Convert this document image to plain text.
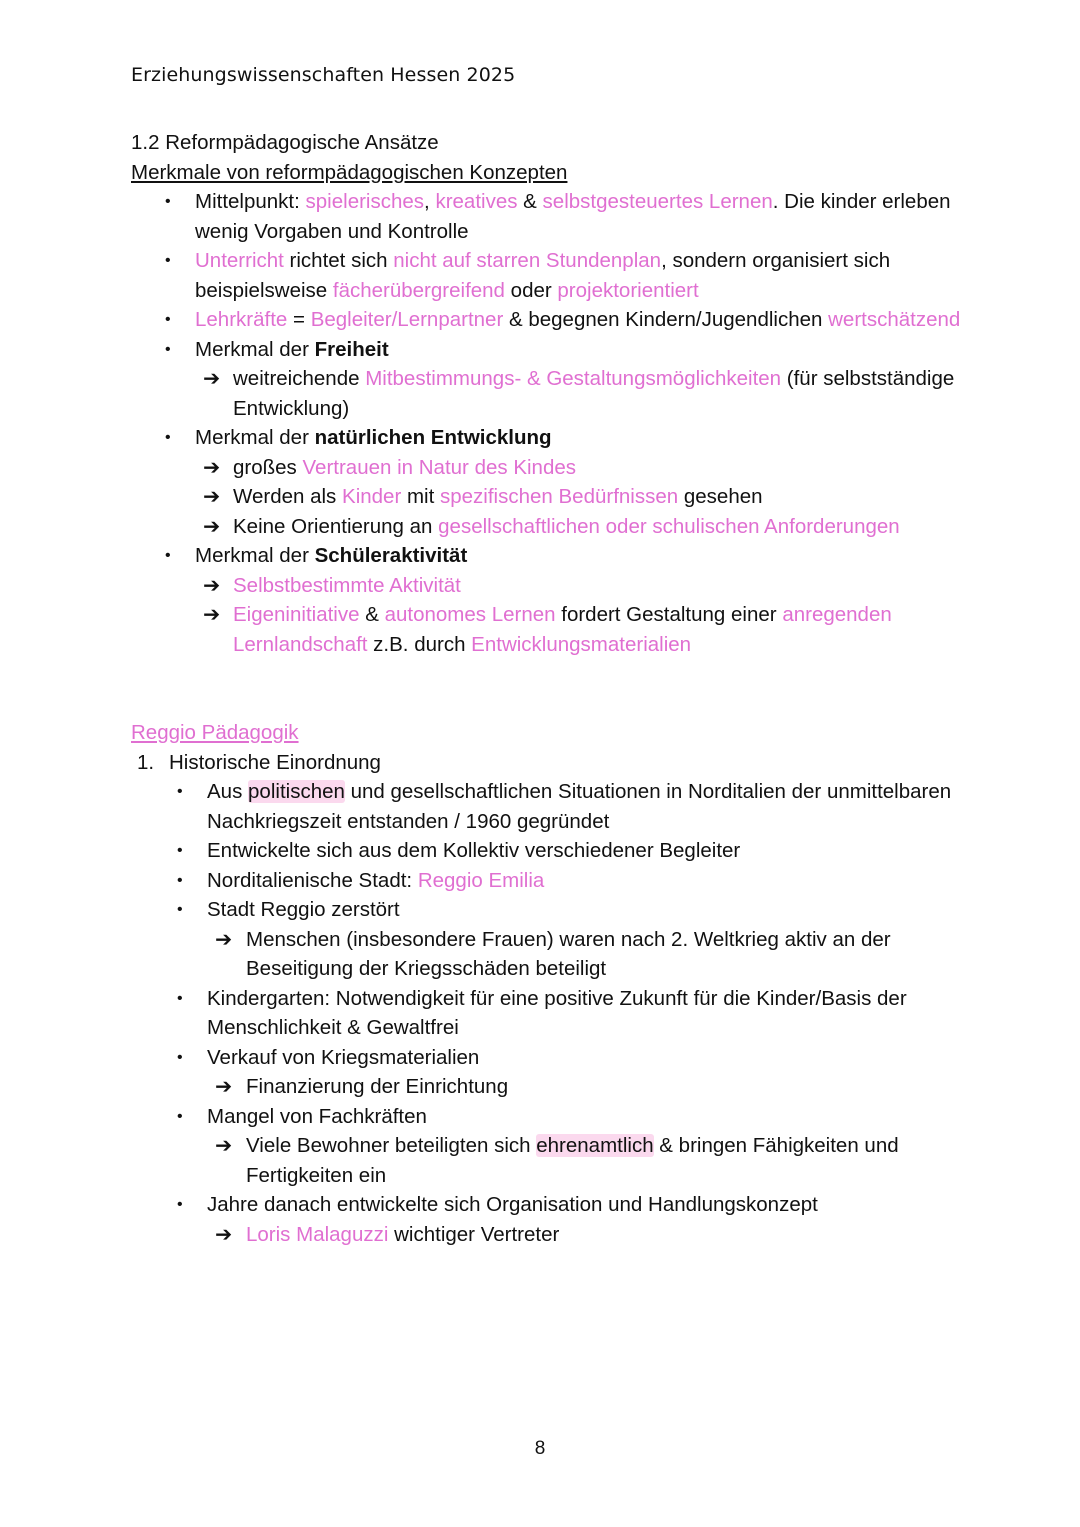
Erziehungswissenschaften Hessen 2025
1.2 Reformpädagogische Ansätze
Merkmale von reformpädagogischen Konzepten
•	Mittelpunkt: spielerisches, kreatives & selbstgesteuertes Lernen. Die kinder erleben wenig Vorgaben und Kontrolle
•	Unterricht richtet sich nicht auf starren Stundenplan, sondern organisiert sich beispielsweise fächerübergreifend oder projektorientiert
•	Lehrkräfte = Begleiter/Lernpartner & begegnen Kindern/Jugendlichen wertschätzend
•	Merkmal der Freiheit
➔ weitreichende Mitbestimmungs- & Gestaltungsmöglichkeiten (für selbstständige Entwicklung)
•	Merkmal der natürlichen Entwicklung
➔ großes Vertrauen in Natur des Kindes
➔ Werden als Kinder mit spezifischen Bedürfnissen gesehen
➔ Keine Orientierung an gesellschaftlichen oder schulischen Anforderungen
•	Merkmal der Schüleraktivität
➔ Selbstbestimmte Aktivität
➔ Eigeninitiative & autonomes Lernen fordert Gestaltung einer anregenden Lernlandschaft z.B. durch Entwicklungsmaterialien
Reggio Pädagogik
1. Historische Einordnung
•	Aus politischen und gesellschaftlichen Situationen in Norditalien der unmittelbaren Nachkriegszeit entstanden / 1960 gegründet
•	Entwickelte sich aus dem Kollektiv verschiedener Begleiter
•	Norditalienische Stadt: Reggio Emilia
•	Stadt Reggio zerstört
➔ Menschen (insbesondere Frauen) waren nach 2. Weltkrieg aktiv an der Beseitigung der Kriegsschäden beteiligt
•	Kindergarten: Notwendigkeit für eine positive Zukunft für die Kinder/Basis der Menschlichkeit & Gewaltfrei
•	Verkauf von Kriegsmaterialien
➔ Finanzierung der Einrichtung
•	Mangel von Fachkräften
➔ Viele Bewohner beteiligten sich ehrenamtlich & bringen Fähigkeiten und Fertigkeiten ein
•	Jahre danach entwickelte sich Organisation und Handlungskonzept
➔ Loris Malaguzzi wichtiger Vertreter
8
